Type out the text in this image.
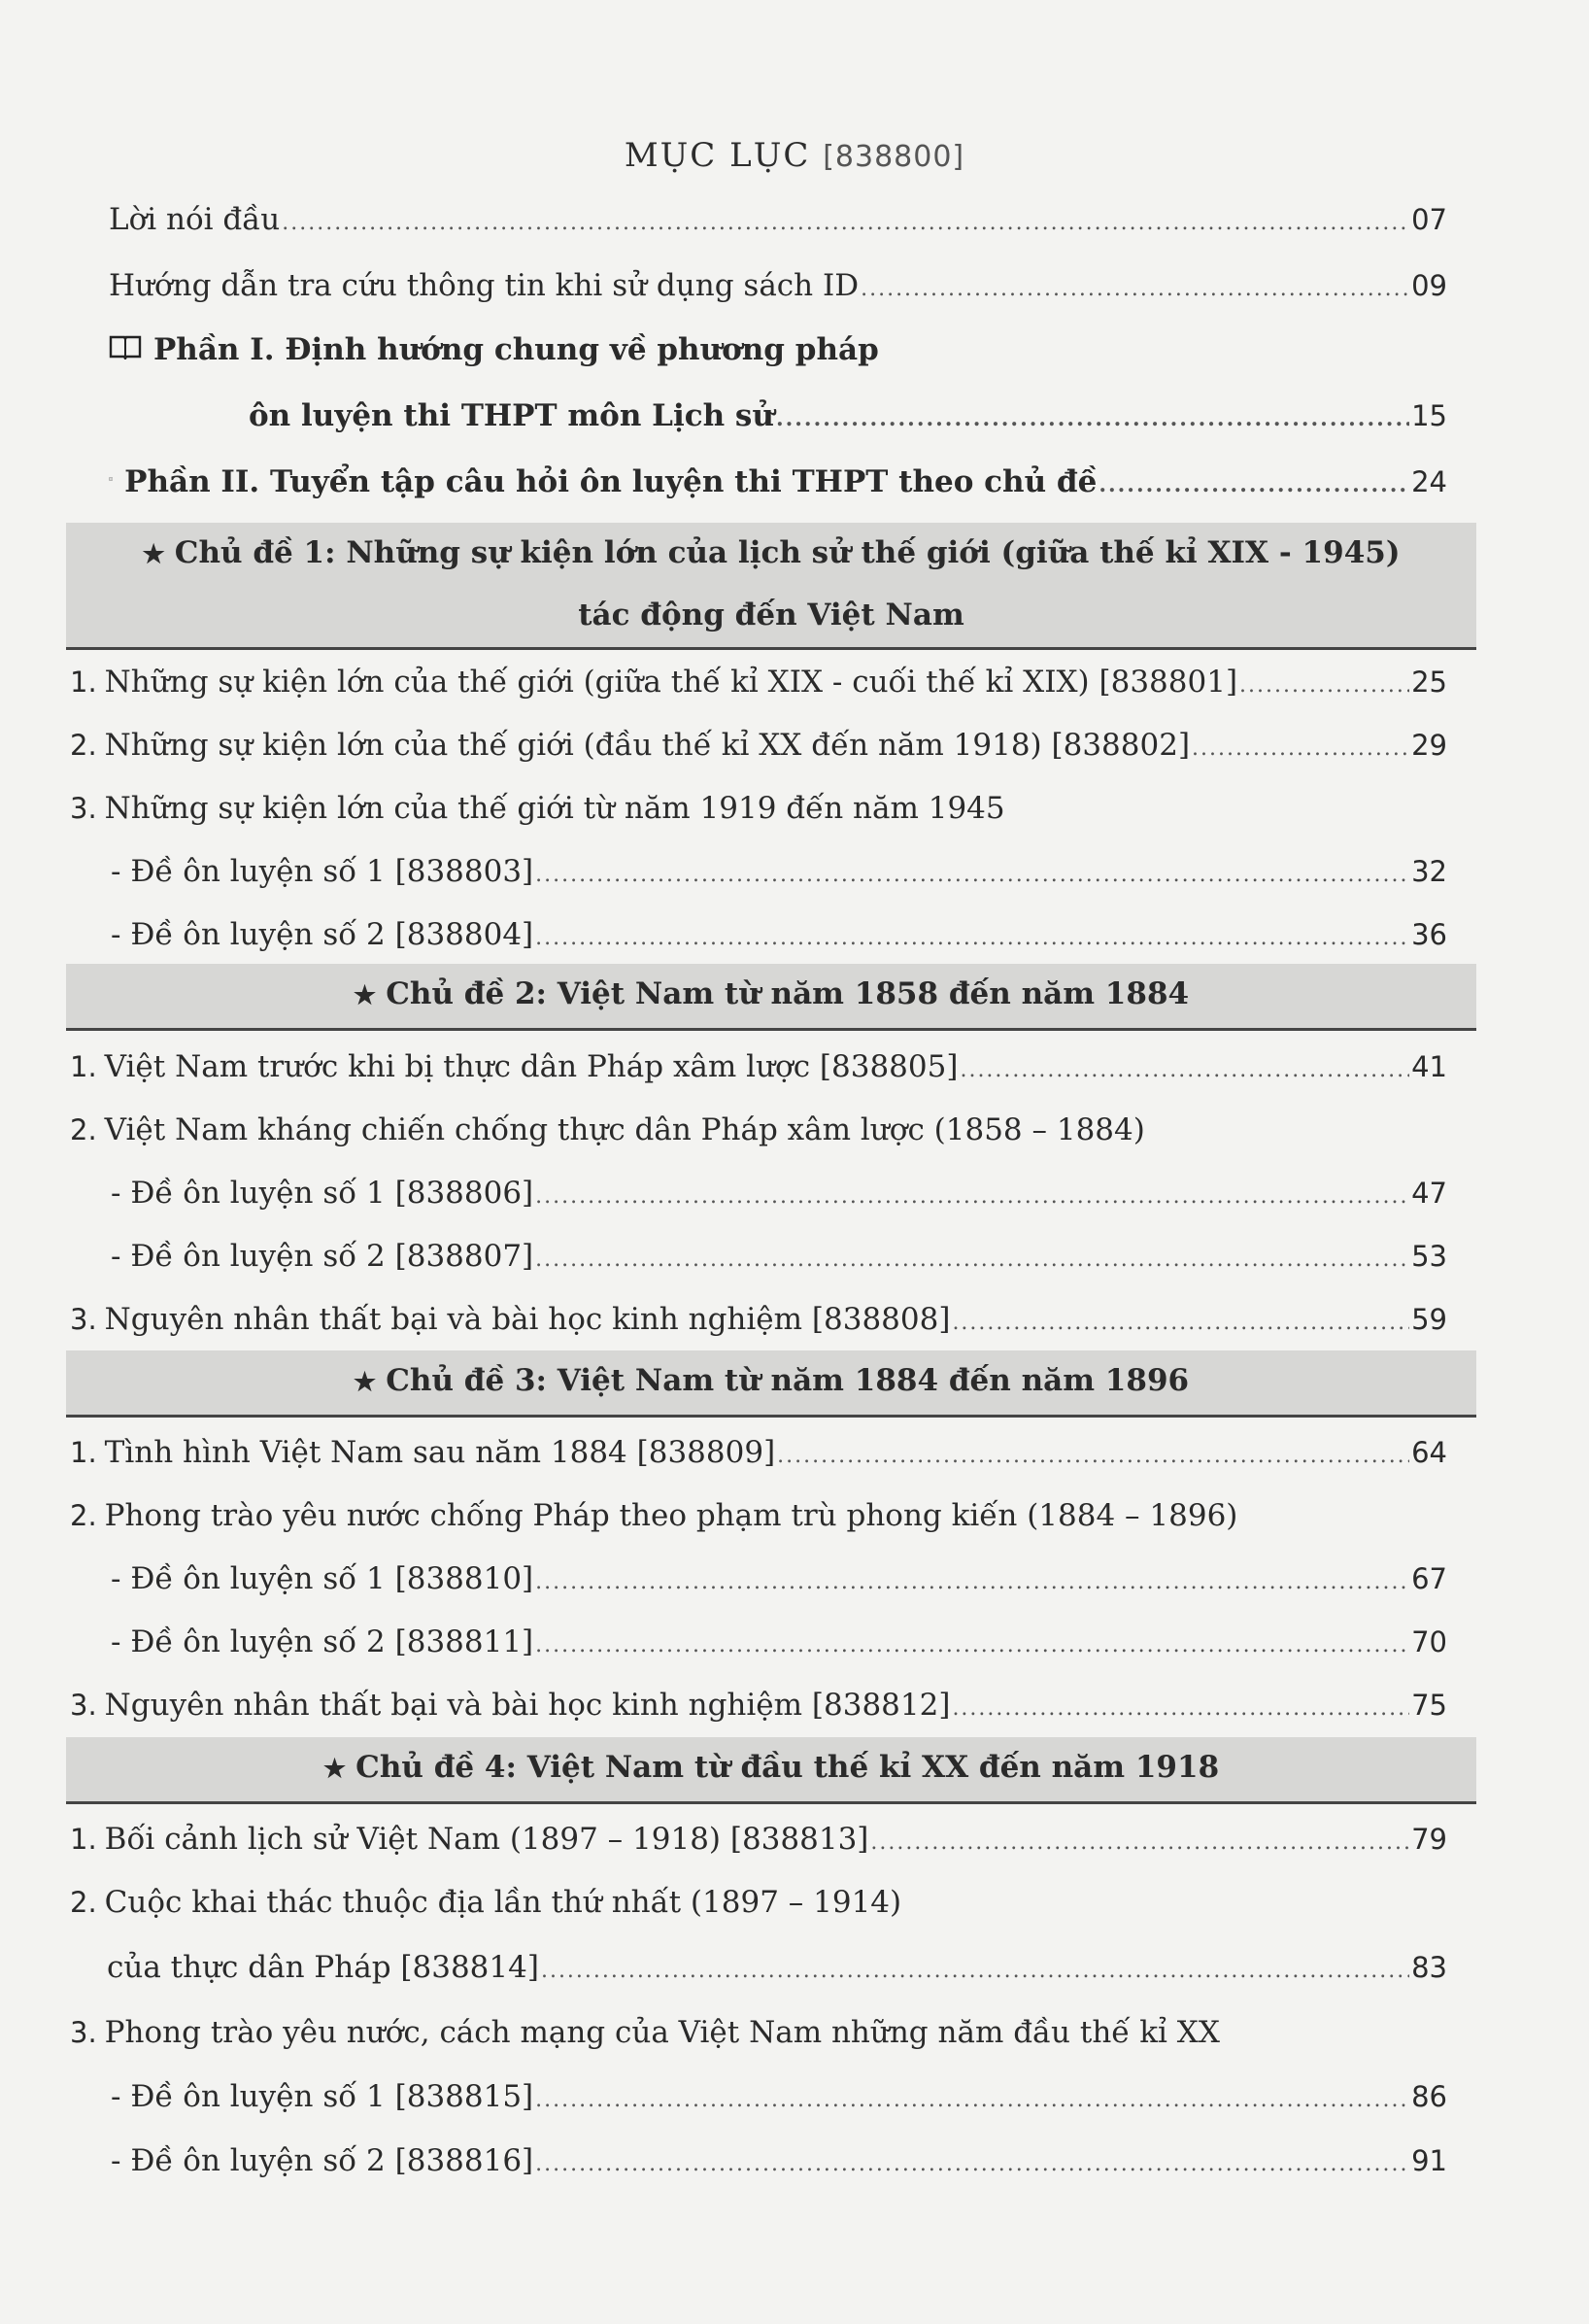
MỤC LỤC [838800]
Lời nói đầu .....	07
Hướng dẫn tra cứu thông tin khi sử dụng sách ID .....	09
Phần I. Định hướng chung về phương pháp
ôn luyện thi THPT môn Lịch sử .....	15
Phần II. Tuyển tập câu hỏi ôn luyện thi THPT theo chủ đề .....	24
★ Chủ đề 1: Những sự kiện lớn của lịch sử thế giới (giữa thế kỉ XIX - 1945)
tác động đến Việt Nam
1. Những sự kiện lớn của thế giới (giữa thế kỉ XIX - cuối thế kỉ XIX) [838801] .....	25
2. Những sự kiện lớn của thế giới (đầu thế kỉ XX đến năm 1918) [838802] .....	29
3. Những sự kiện lớn của thế giới từ năm 1919 đến năm 1945
- Đề ôn luyện số 1 [838803] .....	32
- Đề ôn luyện số 2 [838804] .....	36
★ Chủ đề 2: Việt Nam từ năm 1858 đến năm 1884
1. Việt Nam trước khi bị thực dân Pháp xâm lược [838805] .....	41
2. Việt Nam kháng chiến chống thực dân Pháp xâm lược (1858 – 1884)
- Đề ôn luyện số 1 [838806] .....	47
- Đề ôn luyện số 2 [838807] .....	53
3. Nguyên nhân thất bại và bài học kinh nghiệm [838808] .....	59
★ Chủ đề 3: Việt Nam từ năm 1884 đến năm 1896
1. Tình hình Việt Nam sau năm 1884 [838809] .....	64
2. Phong trào yêu nước chống Pháp theo phạm trù phong kiến (1884 – 1896)
- Đề ôn luyện số 1 [838810] .....	67
- Đề ôn luyện số 2 [838811] .....	70
3. Nguyên nhân thất bại và bài học kinh nghiệm [838812] .....	75
★ Chủ đề 4: Việt Nam từ đầu thế kỉ XX đến năm 1918
1. Bối cảnh lịch sử Việt Nam (1897 – 1918) [838813] .....	79
2. Cuộc khai thác thuộc địa lần thứ nhất (1897 – 1914)
của thực dân Pháp [838814] .....	83
3. Phong trào yêu nước, cách mạng của Việt Nam những năm đầu thế kỉ XX
- Đề ôn luyện số 1 [838815] .....	86
- Đề ôn luyện số 2 [838816] .....	91
